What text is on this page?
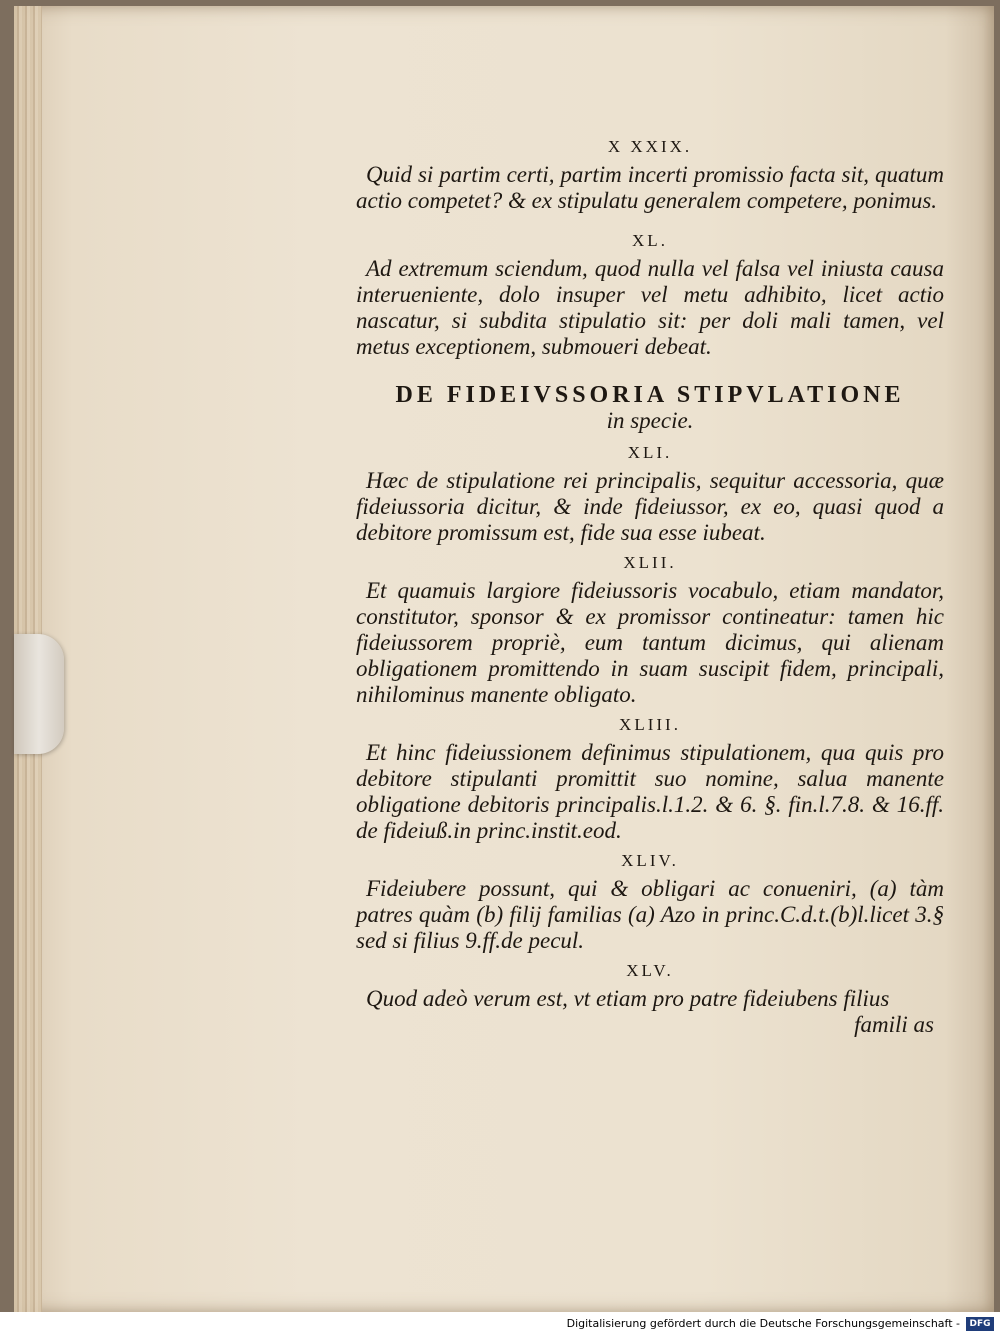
X XXIX.

Quid si partim certi, partim incerti promissio facta sit, quatum actio competet? & ex stipulatu generalem competere, ponimus.

XL.

Ad extremum sciendum, quod nulla vel falsa vel iniusta causa interueniente, dolo insuper vel metu adhibito, licet actio nascatur, si subdita stipulatio sit: per doli mali tamen, vel metus exceptionem, submoueri debeat.

DE FIDEIVSSORIA STIPVLATIONE
in specie.
XLI.

Hæc de stipulatione rei principalis, sequitur accessoria, quæ fideiussoria dicitur, & inde fideiussor, ex eo, quasi quod a debitore promissum est, fide sua esse iubeat.

XLII.

Et quamuis largiore fideiussoris vocabulo, etiam mandator, constitutor, sponsor & ex promissor contineatur: tamen hic fideiussorem propriè, eum tantum dicimus, qui alienam obligationem promittendo in suam suscipit fidem, principali, nihilominus manente obligato.

XLIII.

Et hinc fideiussionem definimus stipulationem, qua quis pro debitore stipulanti promittit suo nomine, salua manente obligatione debitoris principalis.l.1.2. & 6. §. fin.l.7.8. & 16.ff. de fideiuß.in princ.instit.eod.

XLIV.

Fideiubere possunt, qui & obligari ac conueniri, (a) tàm patres quàm (b) filij familias (a) Azo in princ.C.d.t.(b)l.licet 3.§ sed si filius 9.ff.de pecul.

XLV.

Quod adeò verum est, vt etiam pro patre fideiubens filius

famili as
Digitalisierung gefördert durch die Deutsche Forschungsgemeinschaft -	DFG
